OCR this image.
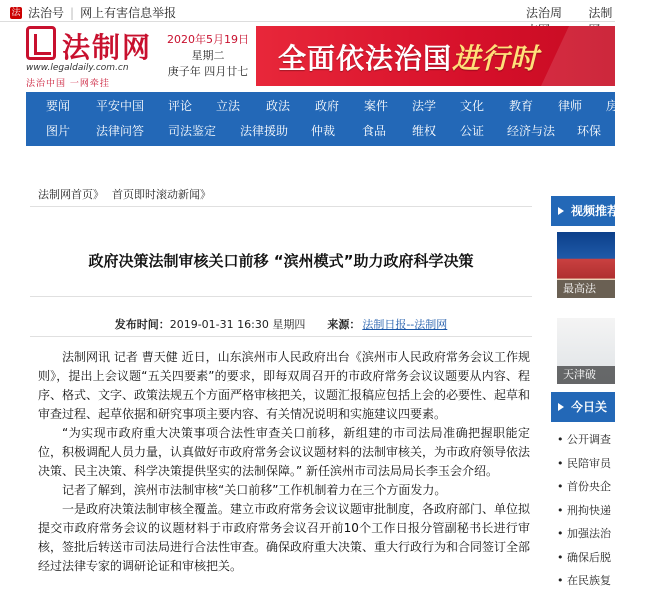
法 法治号 | 网上有害信息举报	法治周	法制
法制网
www.legaldaily.com.cn
法治中国 一网牵挂
2020年5月19日
星期二
庚子年 四月廿七 全面依法治国进行时
要闻 平安中国 评论 立法 政法 政府 案件 法学 文化 教育 律师 房
图片 法律问答 司法鉴定 法律援助 仲裁 食品 维权 公证 经济与法 环保
法制网首页》 首页即时滚动新闻》
政府决策法制审核关口前移 “滨州模式”助力政府科学决策
发布时间：2019-01-31 16:30 星期四 来源： 法制日报--法制网

法制网讯 记者 曹天健 近日，山东滨州市人民政府出台《滨州市人民政府常务会议工作规则》，提出上会议题“五关四要素”的要求，即每双周召开的市政府常务会议议题要从内容、程序、格式、文字、政策法规五个方面严格审核把关，议题汇报稿应包括上会的必要性、起草和审查过程、起草依据和研究事项主要内容、有关情况说明和实施建议四要素。

“为实现市政府重大决策事项合法性审查关口前移，新组建的市司法局准确把握职能定位，积极调配人员力量，认真做好市政府常务会议议题材料的法制审核关，为市政府领导依法决策、民主决策、科学决策提供坚实的法制保障。” 新任滨州市司法局局长李玉会介绍。

记者了解到，滨州市法制审核“关口前移”工作机制着力在三个方面发力。

一是政府决策法制审核全覆盖。建立市政府常务会议议题审批制度，各政府部门、单位拟提交市政府常务会议的议题材料于市政府常务会议召开前10个工作日报分管副秘书长进行审核，签批后转送市司法局进行合法性审查。确保政府重大决策、重大行政行为和合同签订全部经过法律专家的调研论证和审核把关。

视频推荐
最高法
天津破
今日关
• 公开调查
• 民陪审员
• 首份央企
• 刑拘快递
• 加强法治
• 确保后脱
• 在民族复
